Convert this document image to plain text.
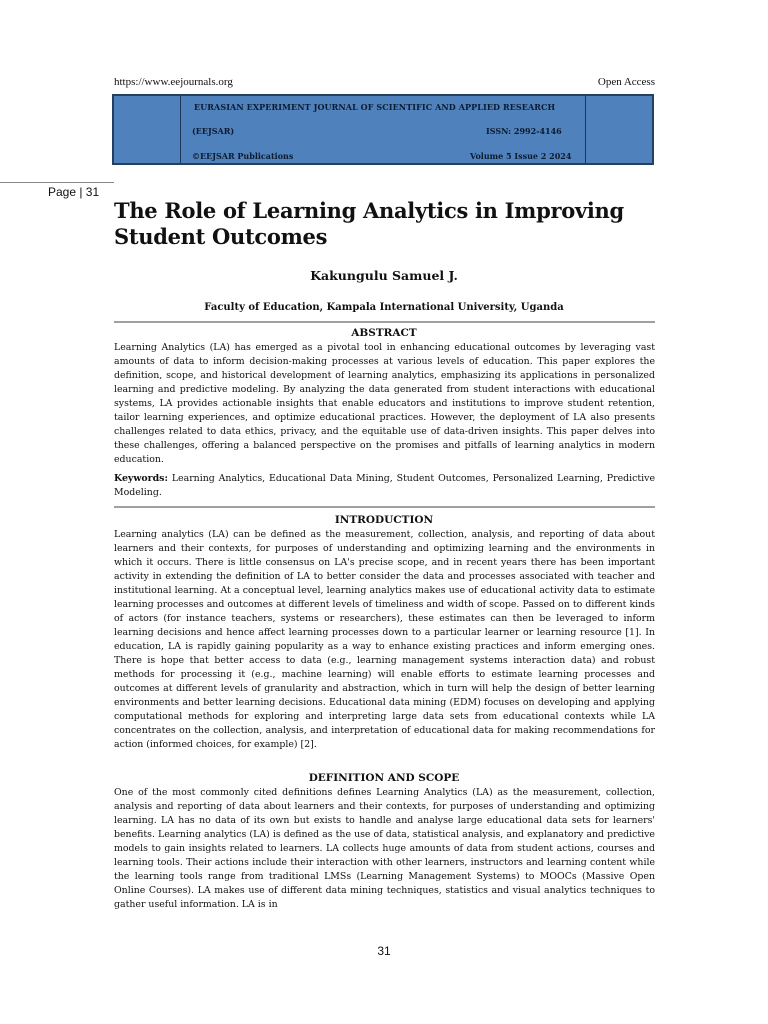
https://www.eejournals.org	Open Access
EURASIAN EXPERIMENT JOURNAL OF SCIENTIFIC AND APPLIED RESEARCH
(EEJSAR)	ISSN: 2992-4146
©EEJSAR Publications	Volume 5 Issue 2 2024
Page | 31
The Role of Learning Analytics in Improving Student Outcomes
Kakungulu Samuel J.
Faculty of Education, Kampala International University, Uganda
ABSTRACT

Learning Analytics (LA) has emerged as a pivotal tool in enhancing educational outcomes by leveraging vast amounts of data to inform decision-making processes at various levels of education. This paper explores the definition, scope, and historical development of learning analytics, emphasizing its applications in personalized learning and predictive modeling. By analyzing the data generated from student interactions with educational systems, LA provides actionable insights that enable educators and institutions to improve student retention, tailor learning experiences, and optimize educational practices. However, the deployment of LA also presents challenges related to data ethics, privacy, and the equitable use of data-driven insights. This paper delves into these challenges, offering a balanced perspective on the promises and pitfalls of learning analytics in modern education.

Keywords: Learning Analytics, Educational Data Mining, Student Outcomes, Personalized Learning, Predictive Modeling.

INTRODUCTION

Learning analytics (LA) can be defined as the measurement, collection, analysis, and reporting of data about learners and their contexts, for purposes of understanding and optimizing learning and the environments in which it occurs. There is little consensus on LA's precise scope, and in recent years there has been important activity in extending the definition of LA to better consider the data and processes associated with teacher and institutional learning. At a conceptual level, learning analytics makes use of educational activity data to estimate learning processes and outcomes at different levels of timeliness and width of scope. Passed on to different kinds of actors (for instance teachers, systems or researchers), these estimates can then be leveraged to inform learning decisions and hence affect learning processes down to a particular learner or learning resource [1]. In education, LA is rapidly gaining popularity as a way to enhance existing practices and inform emerging ones. There is hope that better access to data (e.g., learning management systems interaction data) and robust methods for processing it (e.g., machine learning) will enable efforts to estimate learning processes and outcomes at different levels of granularity and abstraction, which in turn will help the design of better learning environments and better learning decisions. Educational data mining (EDM) focuses on developing and applying computational methods for exploring and interpreting large data sets from educational contexts while LA concentrates on the collection, analysis, and interpretation of educational data for making recommendations for action (informed choices, for example) [2].

DEFINITION AND SCOPE

One of the most commonly cited definitions defines Learning Analytics (LA) as the measurement, collection, analysis and reporting of data about learners and their contexts, for purposes of understanding and optimizing learning. LA has no data of its own but exists to handle and analyse large educational data sets for learners' benefits. Learning analytics (LA) is defined as the use of data, statistical analysis, and explanatory and predictive models to gain insights related to learners. LA collects huge amounts of data from student actions, courses and learning tools. Their actions include their interaction with other learners, instructors and learning content while the learning tools range from traditional LMSs (Learning Management Systems) to MOOCs (Massive Open Online Courses). LA makes use of different data mining techniques, statistics and visual analytics techniques to gather useful information. LA is in

31
